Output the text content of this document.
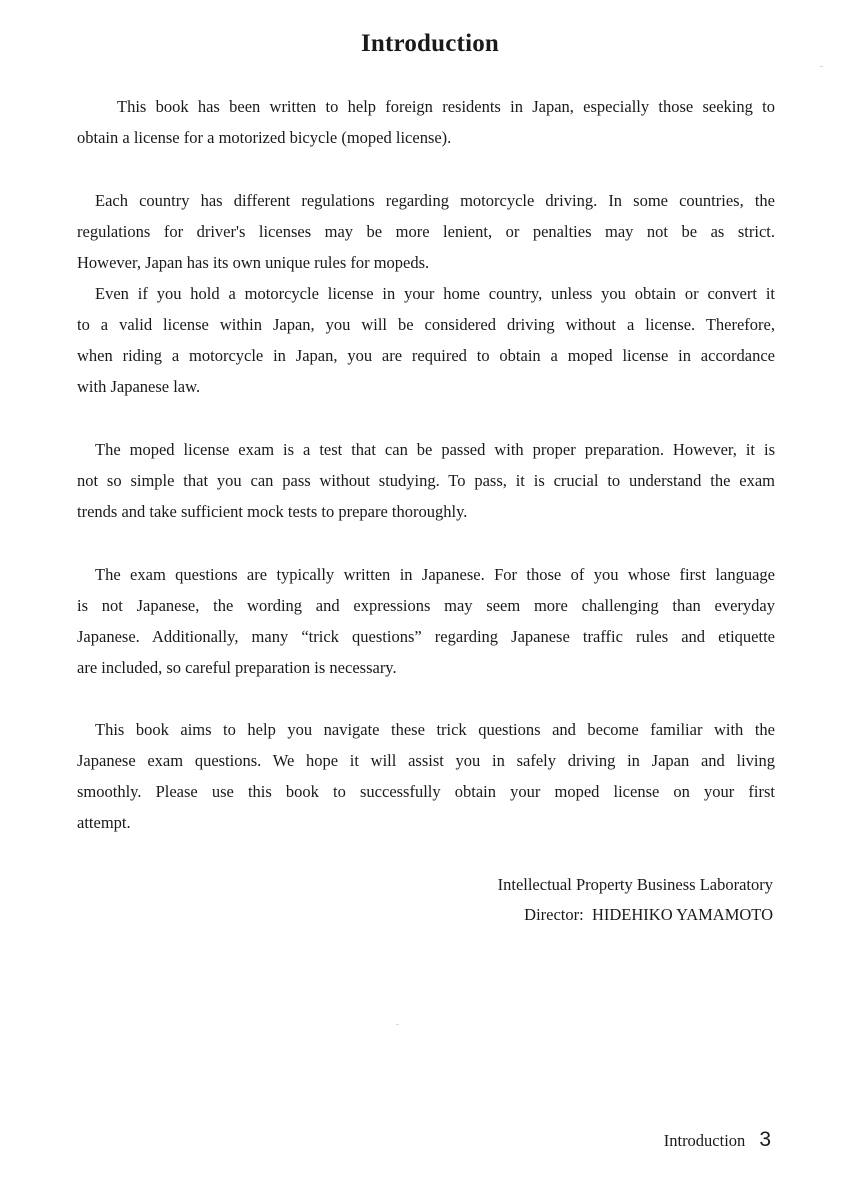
Introduction
This book has been written to help foreign residents in Japan, especially those seeking to
obtain a license for a motorized bicycle (moped license).
Each country has different regulations regarding motorcycle driving. In some countries, the
regulations for driver's licenses may be more lenient, or penalties may not be as strict.
However, Japan has its own unique rules for mopeds.
Even if you hold a motorcycle license in your home country, unless you obtain or convert it
to a valid license within Japan, you will be considered driving without a license. Therefore,
when riding a motorcycle in Japan, you are required to obtain a moped license in accordance
with Japanese law.
The moped license exam is a test that can be passed with proper preparation. However, it is
not so simple that you can pass without studying. To pass, it is crucial to understand the exam
trends and take sufficient mock tests to prepare thoroughly.
The exam questions are typically written in Japanese. For those of you whose first language
is not Japanese, the wording and expressions may seem more challenging than everyday
Japanese. Additionally, many “trick questions” regarding Japanese traffic rules and etiquette
are included, so careful preparation is necessary.
This book aims to help you navigate these trick questions and become familiar with the
Japanese exam questions. We hope it will assist you in safely driving in Japan and living
smoothly. Please use this book to successfully obtain your moped license on your first
attempt.
Intellectual Property Business Laboratory
Director:  HIDEHIKO YAMAMOTO
Introduction 3
